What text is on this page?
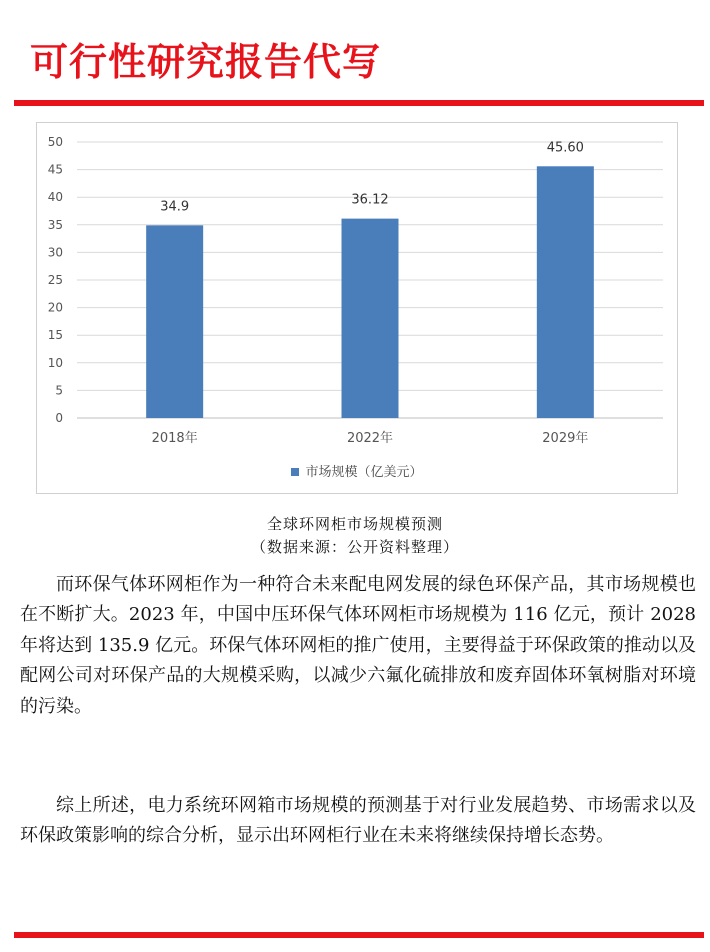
可行性研究报告代写
0
5
10
15
20
25
30
35
40
45
50
34.9
2018年
36.12
2022年
45.60
2029年
市场规模（亿美元）
全球环网柜市场规模预测
（数据来源：公开资料整理）

而环保气体环网柜作为一种符合未来配电网发展的绿色环保产品，其市场规模也在不断扩大。2023 年，中国中压环保气体环网柜市场规模为 116 亿元，预计 2028 年将达到 135.9 亿元。环保气体环网柜的推广使用，主要得益于环保政策的推动以及配网公司对环保产品的大规模采购，以减少六氟化硫排放和废弃固体环氧树脂对环境的污染。

综上所述，电力系统环网箱市场规模的预测基于对行业发展趋势、市场需求以及环保政策影响的综合分析，显示出环网柜行业在未来将继续保持增长态势。
